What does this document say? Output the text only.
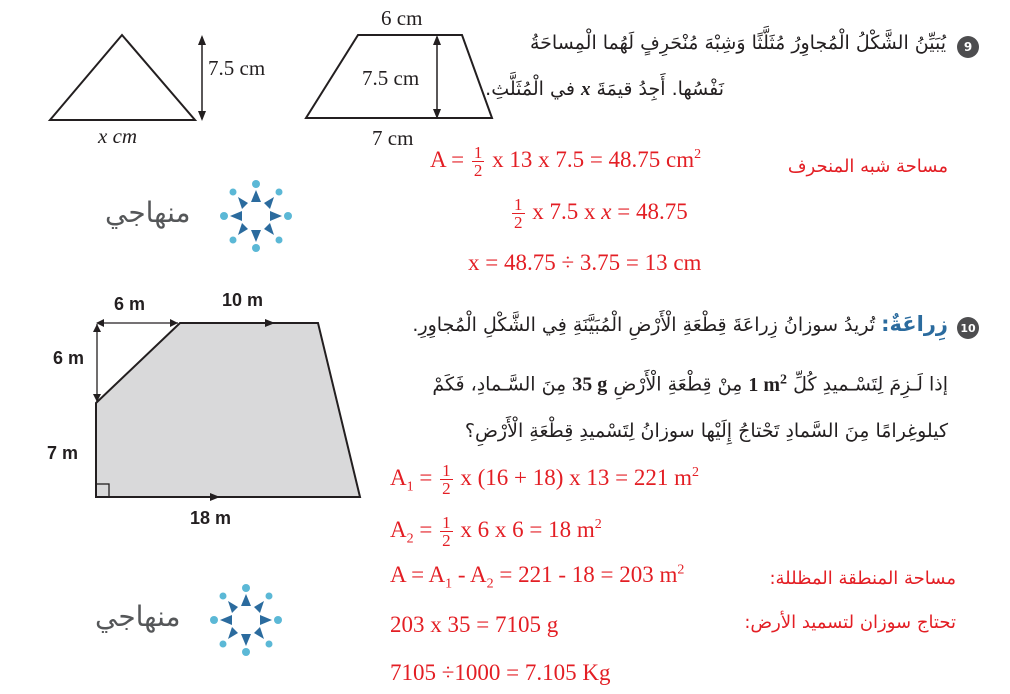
7.5 cm
x cm
6 cm
7.5 cm
7 cm
9
يُبَيِّنُ الشَّكْلُ الْمُجاوِرُ مُثَلَّثًا وَشِبْهَ مُنْحَرِفٍ لَهُما الْمِساحَةُ
نَفْسُها. أَجِدُ قيمَةَ x في الْمُثَلَّثِ.
$A = \frac{1}{2}$ x 13 x 7.5 = 48.75 $cm^2$
مساحة شبه المنحرف
$\frac{1}{2}$ x 7.5 x x = 48.75
x = 48.75 ÷ 3.75 = 13 cm
منهاجي
6 m	10 m
6 m
7 m
18 m
10
زِراعَةٌ: تُريدُ سوزانُ زِراعَةَ قِطْعَةِ الْأَرْضِ الْمُبَيَّنَةِ فِي الشَّكْلِ الْمُجاوِرِ.
إذا لَـزِمَ لِتَسْـميدِ كُلِّ 1 $m^2$ مِنْ قِطْعَةِ الْأَرْضِ 35 g مِنَ السَّـمادِ، فَكَمْ
كيلوغِرامًا مِنَ السَّمادِ تَحْتاجُ إِلَيْها سوزانُ لِتَسْميدِ قِطْعَةِ الْأَرْضِ؟
$A_1 = \frac{1}{2}$ x (16 + 18) x 13 = 221 $m^2$
$A_2 = \frac{1}{2}$ x 6 x 6 = 18 $m^2$
$A = A_1 - A_2 = 221 - 18 = 203$ $m^2$	مساحة المنطقة المظللة:
203 x 35 = 7105 g	تحتاج سوزان لتسميد الأرض:
7105 ÷1000 = 7.105 Kg
منهاجي
